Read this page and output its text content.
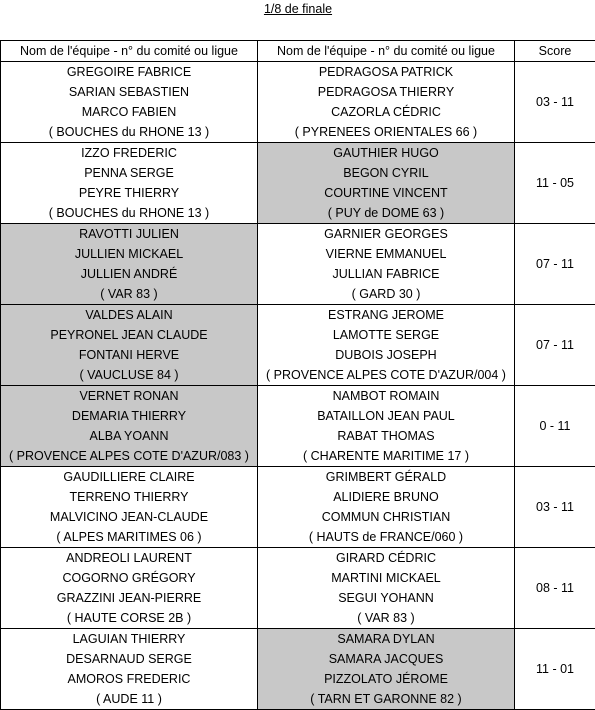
1/8 de finale
Nom de l'équipe - n° du comité ou ligue	Nom de l'équipe - n° du comité ou ligue	Score
GREGOIRE FABRICE	PEDRAGOSA PATRICK	03 - 11
SARIAN SEBASTIEN	PEDRAGOSA THIERRY	
MARCO FABIEN	CAZORLA CÉDRIC	
( BOUCHES du RHONE 13 )	( PYRENEES ORIENTALES 66 )	
IZZO FREDERIC	GAUTHIER HUGO	11 - 05
PENNA SERGE	BEGON CYRIL	
PEYRE THIERRY	COURTINE VINCENT	
( BOUCHES du RHONE 13 )	( PUY de DOME 63 )	
RAVOTTI JULIEN	GARNIER GEORGES	07 - 11
JULLIEN MICKAEL	VIERNE EMMANUEL	
JULLIEN ANDRÉ	JULLIAN FABRICE	
( VAR 83 )	( GARD 30 )	
VALDES ALAIN	ESTRANG JEROME	07 - 11
PEYRONEL JEAN CLAUDE	LAMOTTE SERGE	
FONTANI HERVE	DUBOIS JOSEPH	
( VAUCLUSE 84 )	( PROVENCE ALPES COTE D'AZUR/004 )	
VERNET RONAN	NAMBOT ROMAIN	0 - 11
DEMARIA THIERRY	BATAILLON JEAN PAUL	
ALBA YOANN	RABAT THOMAS	
( PROVENCE ALPES COTE D'AZUR/083 )	( CHARENTE MARITIME 17 )	
GAUDILLIERE CLAIRE	GRIMBERT GÉRALD	03 - 11
TERRENO THIERRY	ALIDIERE BRUNO	
MALVICINO JEAN-CLAUDE	COMMUN CHRISTIAN	
( ALPES MARITIMES 06 )	( HAUTS de FRANCE/060 )	
ANDREOLI LAURENT	GIRARD CÉDRIC	08 - 11
COGORNO GRÉGORY	MARTINI MICKAEL	
GRAZZINI JEAN-PIERRE	SEGUI YOHANN	
( HAUTE CORSE 2B )	( VAR 83 )	
LAGUIAN THIERRY	SAMARA DYLAN	11 - 01
DESARNAUD SERGE	SAMARA JACQUES	
AMOROS FREDERIC	PIZZOLATO JÉROME	
( AUDE 11 )	( TARN ET GARONNE 82 )	
